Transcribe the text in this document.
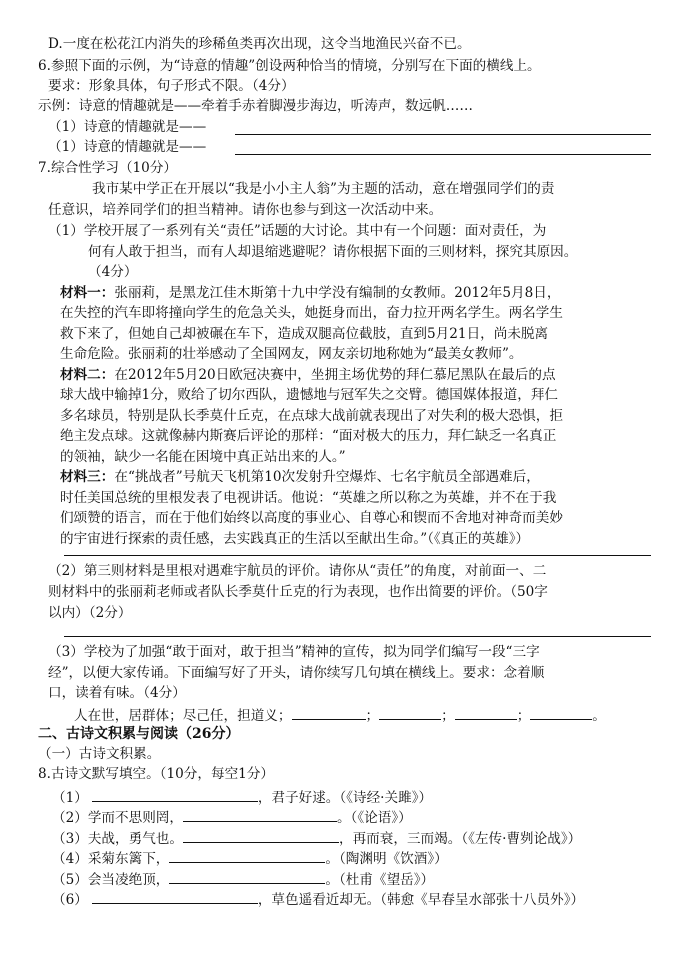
D.一度在松花江内消失的珍稀鱼类再次出现，这令当地渔民兴奋不已。
6.参照下面的示例，为“诗意的情趣”创设两种恰当的情境，分别写在下面的横线上。
要求：形象具体，句子形式不限。（4分）
示例：诗意的情趣就是——牵着手赤着脚漫步海边，听涛声，数远帆……
（1）诗意的情趣就是——
（1）诗意的情趣就是——
7.综合性学习（10分）
我市某中学正在开展以“我是小小主人翁”为主题的活动，意在增强同学们的责
任意识，培养同学们的担当精神。请你也参与到这一次活动中来。
（1）学校开展了一系列有关“责任”话题的大讨论。其中有一个问题：面对责任，为
何有人敢于担当，而有人却退缩逃避呢？请你根据下面的三则材料，探究其原因。
（4分）
材料一：张丽莉，是黑龙江佳木斯第十九中学没有编制的女教师。2012年5月8日，
在失控的汽车即将撞向学生的危急关头，她挺身而出，奋力拉开两名学生。两名学生
救下来了，但她自己却被碾在车下，造成双腿高位截肢，直到5月21日，尚未脱离
生命危险。张丽莉的壮举感动了全国网友，网友亲切地称她为“最美女教师”。
材料二：在2012年5月20日欧冠决赛中，坐拥主场优势的拜仁慕尼黑队在最后的点
球大战中输掉1分，败给了切尔西队，遗憾地与冠军失之交臂。德国媒体报道，拜仁
多名球员，特别是队长季莫什丘克，在点球大战前就表现出了对失利的极大恐惧，拒
绝主发点球。这就像赫内斯赛后评论的那样：“面对极大的压力，拜仁缺乏一名真正
的领袖，缺少一名能在困境中真正站出来的人。”
材料三：在“挑战者”号航天飞机第10次发射升空爆炸、七名宇航员全部遇难后，
时任美国总统的里根发表了电视讲话。他说：“英雄之所以称之为英雄，并不在于我
们颂赞的语言，而在于他们始终以高度的事业心、自尊心和锲而不舍地对神奇而美妙
的宇宙进行探索的责任感，去实践真正的生活以至献出生命。”（《真正的英雄》）
（2）第三则材料是里根对遇难宇航员的评价。请你从“责任”的角度，对前面一、二
则材料中的张丽莉老师或者队长季莫什丘克的行为表现，也作出简要的评价。（50字
以内）（2分）
（3）学校为了加强“敢于面对，敢于担当”精神的宣传，拟为同学们编写一段“三字
经”，以便大家传诵。下面编写好了开头，请你续写几句填在横线上。要求：念着顺
口，读着有味。（4分）
人在世，居群体；尽己任，担道义；	；	；	；	。
二、古诗文积累与阅读（26分）
（一）古诗文积累。
8.古诗文默写填空。（10分，每空1分）
（1）	，君子好逑。（《诗经·关雎》）
（2）学而不思则罔，	。（《论语》）
（3）夫战，勇气也。	，再而衰，三而竭。（《左传·曹刿论战》）
（4）采菊东篱下，	。（陶渊明《饮酒》）
（5）会当凌绝顶，	。（杜甫《望岳》）
（6）	，草色遥看近却无。（韩愈《早春呈水部张十八员外》）
